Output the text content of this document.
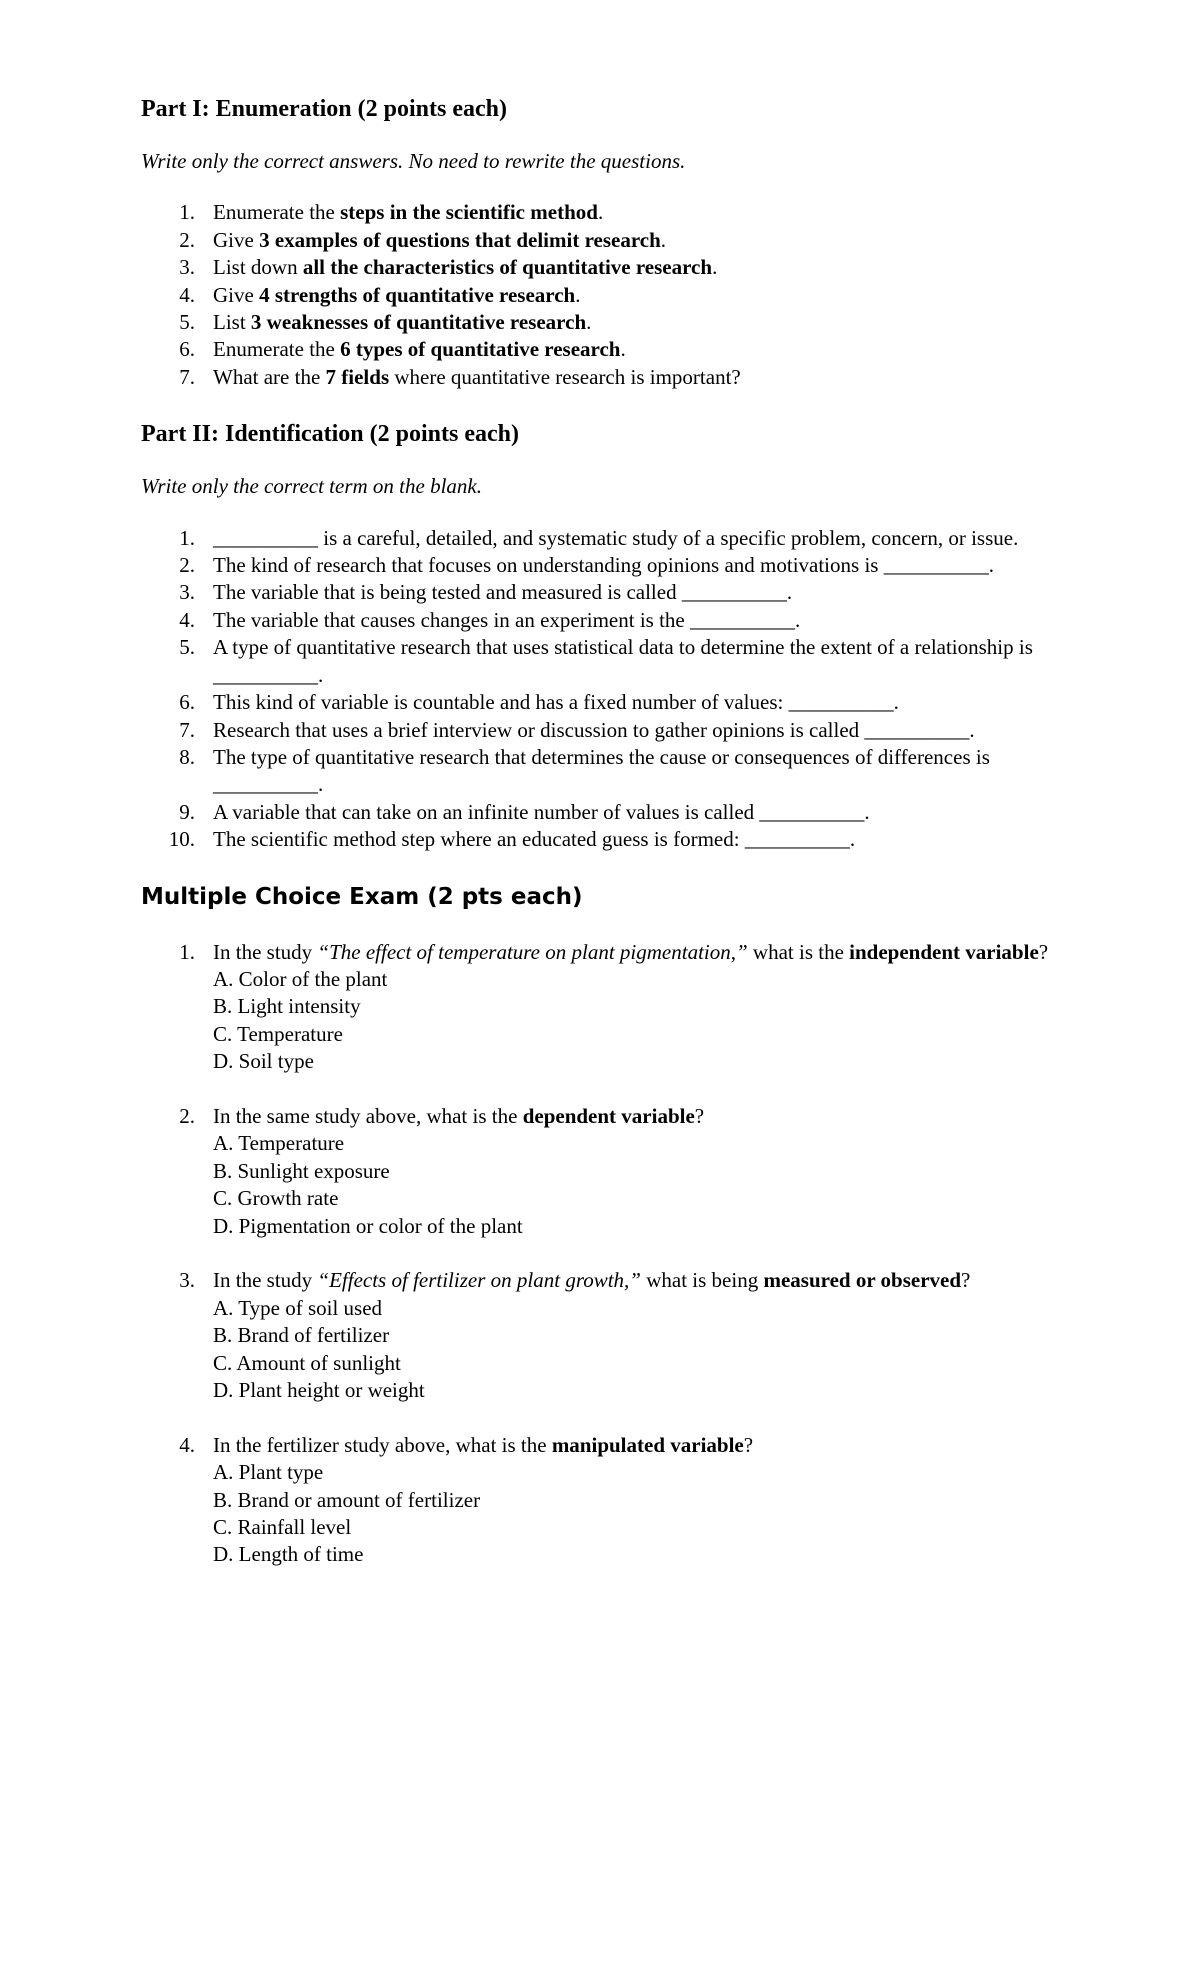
Part I: Enumeration (2 points each)
Write only the correct answers. No need to rewrite the questions.
1. Enumerate the steps in the scientific method.
2. Give 3 examples of questions that delimit research.
3. List down all the characteristics of quantitative research.
4. Give 4 strengths of quantitative research.
5. List 3 weaknesses of quantitative research.
6. Enumerate the 6 types of quantitative research.
7. What are the 7 fields where quantitative research is important?
Part II: Identification (2 points each)
Write only the correct term on the blank.
1. __________ is a careful, detailed, and systematic study of a specific problem, concern, or issue.
2. The kind of research that focuses on understanding opinions and motivations is __________.
3. The variable that is being tested and measured is called __________.
4. The variable that causes changes in an experiment is the __________.
5. A type of quantitative research that uses statistical data to determine the extent of a relationship is __________.
6. This kind of variable is countable and has a fixed number of values: __________.
7. Research that uses a brief interview or discussion to gather opinions is called __________.
8. The type of quantitative research that determines the cause or consequences of differences is __________.
9. A variable that can take on an infinite number of values is called __________.
10. The scientific method step where an educated guess is formed: __________.
Multiple Choice Exam (2 pts each)
1. In the study “The effect of temperature on plant pigmentation,” what is the independent variable?
A. Color of the plant
B. Light intensity
C. Temperature
D. Soil type
2. In the same study above, what is the dependent variable?
A. Temperature
B. Sunlight exposure
C. Growth rate
D. Pigmentation or color of the plant
3. In the study “Effects of fertilizer on plant growth,” what is being measured or observed?
A. Type of soil used
B. Brand of fertilizer
C. Amount of sunlight
D. Plant height or weight
4. In the fertilizer study above, what is the manipulated variable?
A. Plant type
B. Brand or amount of fertilizer
C. Rainfall level
D. Length of time
